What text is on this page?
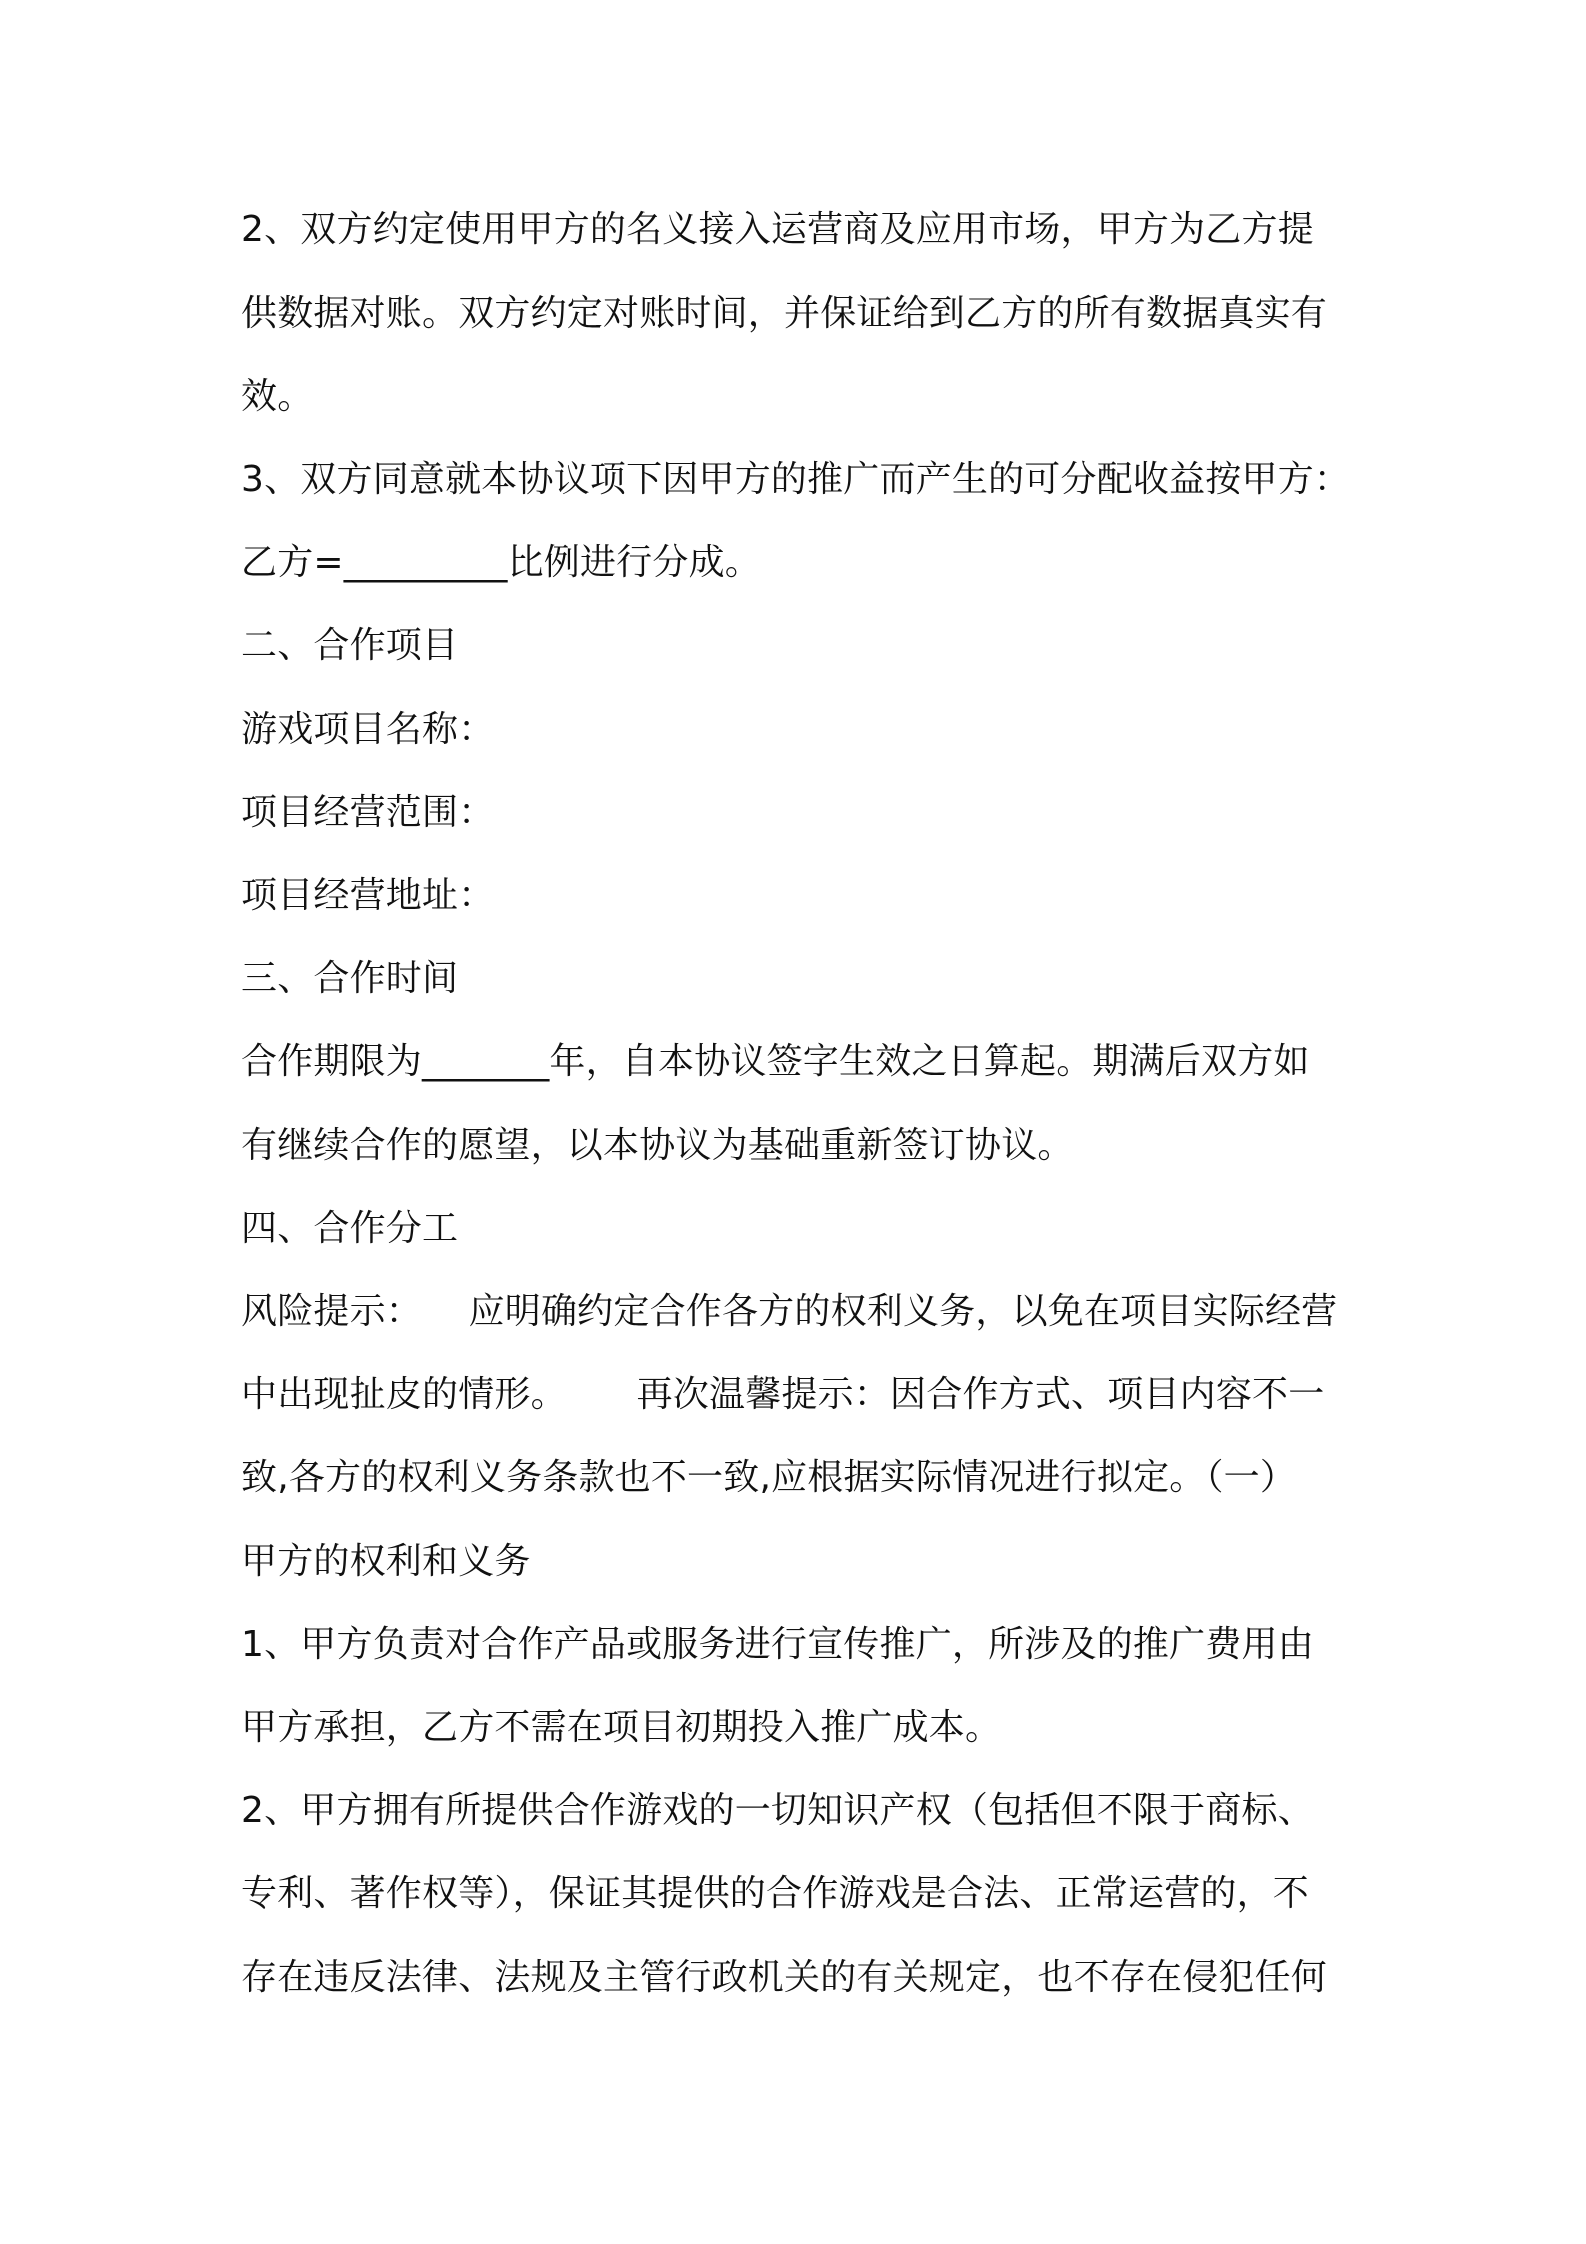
2、双方约定使用甲方的名义接入运营商及应用市场，甲方为乙方提
供数据对账。双方约定对账时间，并保证给到乙方的所有数据真实有
效。
3、双方同意就本协议项下因甲方的推广而产生的可分配收益按甲方：
乙方=_________比例进行分成。
二、合作项目
游戏项目名称：
项目经营范围：
项目经营地址：
三、合作时间
合作期限为_______年，自本协议签字生效之日算起。期满后双方如
有继续合作的愿望，以本协议为基础重新签订协议。
四、合作分工
风险提示：    应明确约定合作各方的权利义务，以免在项目实际经营
中出现扯皮的情形。      再次温馨提示：因合作方式、项目内容不一
致,各方的权利义务条款也不一致,应根据实际情况进行拟定。（一）
甲方的权利和义务
1、甲方负责对合作产品或服务进行宣传推广，所涉及的推广费用由
甲方承担，乙方不需在项目初期投入推广成本。
2、甲方拥有所提供合作游戏的一切知识产权（包括但不限于商标、
专利、著作权等），保证其提供的合作游戏是合法、正常运营的，不
存在违反法律、法规及主管行政机关的有关规定，也不存在侵犯任何
